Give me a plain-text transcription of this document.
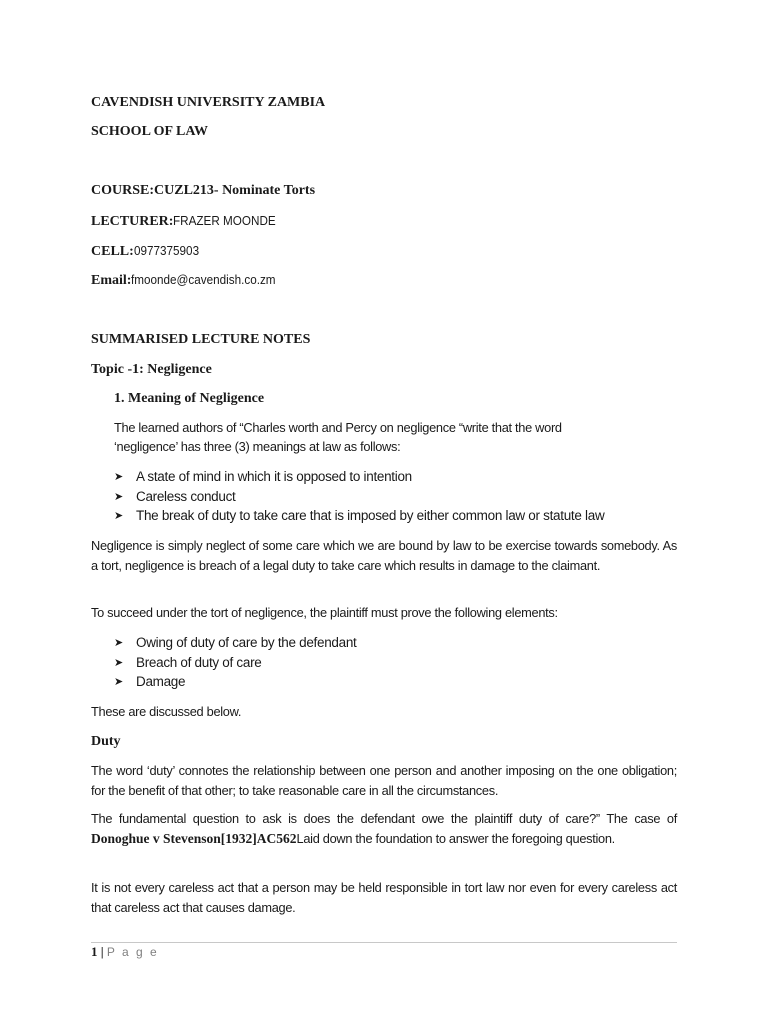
CAVENDISH UNIVERSITY ZAMBIA
SCHOOL OF LAW
COURSE:CUZL213- Nominate Torts
LECTURER:FRAZER MOONDE
CELL:0977375903
Email:fmoonde@cavendish.co.zm
SUMMARISED LECTURE NOTES
Topic -1: Negligence
1. Meaning of Negligence
The learned authors of “Charles worth and Percy on negligence “write that the word
‘negligence’ has three (3) meanings at law as follows:
➤ A state of mind in which it is opposed to intention
➤ Careless conduct
➤ The break of duty to take care that is imposed by either common law or statute law
Negligence is simply neglect of some care which we are bound by law to be exercise towards somebody. As a tort, negligence is breach of a legal duty to take care which results in damage to the claimant.
To succeed under the tort of negligence, the plaintiff must prove the following elements:
➤ Owing of duty of care by the defendant
➤ Breach of duty of care
➤ Damage
These are discussed below.
Duty
The word ‘duty’ connotes the relationship between one person and another imposing on the one obligation; for the benefit of that other; to take reasonable care in all the circumstances.
The fundamental question to ask is does the defendant owe the plaintiff duty of care?” The case of Donoghue v Stevenson[1932]AC562Laid down the foundation to answer the foregoing question.
It is not every careless act that a person may be held responsible in tort law nor even for every careless act that careless act that causes damage.
1 | P a g e
